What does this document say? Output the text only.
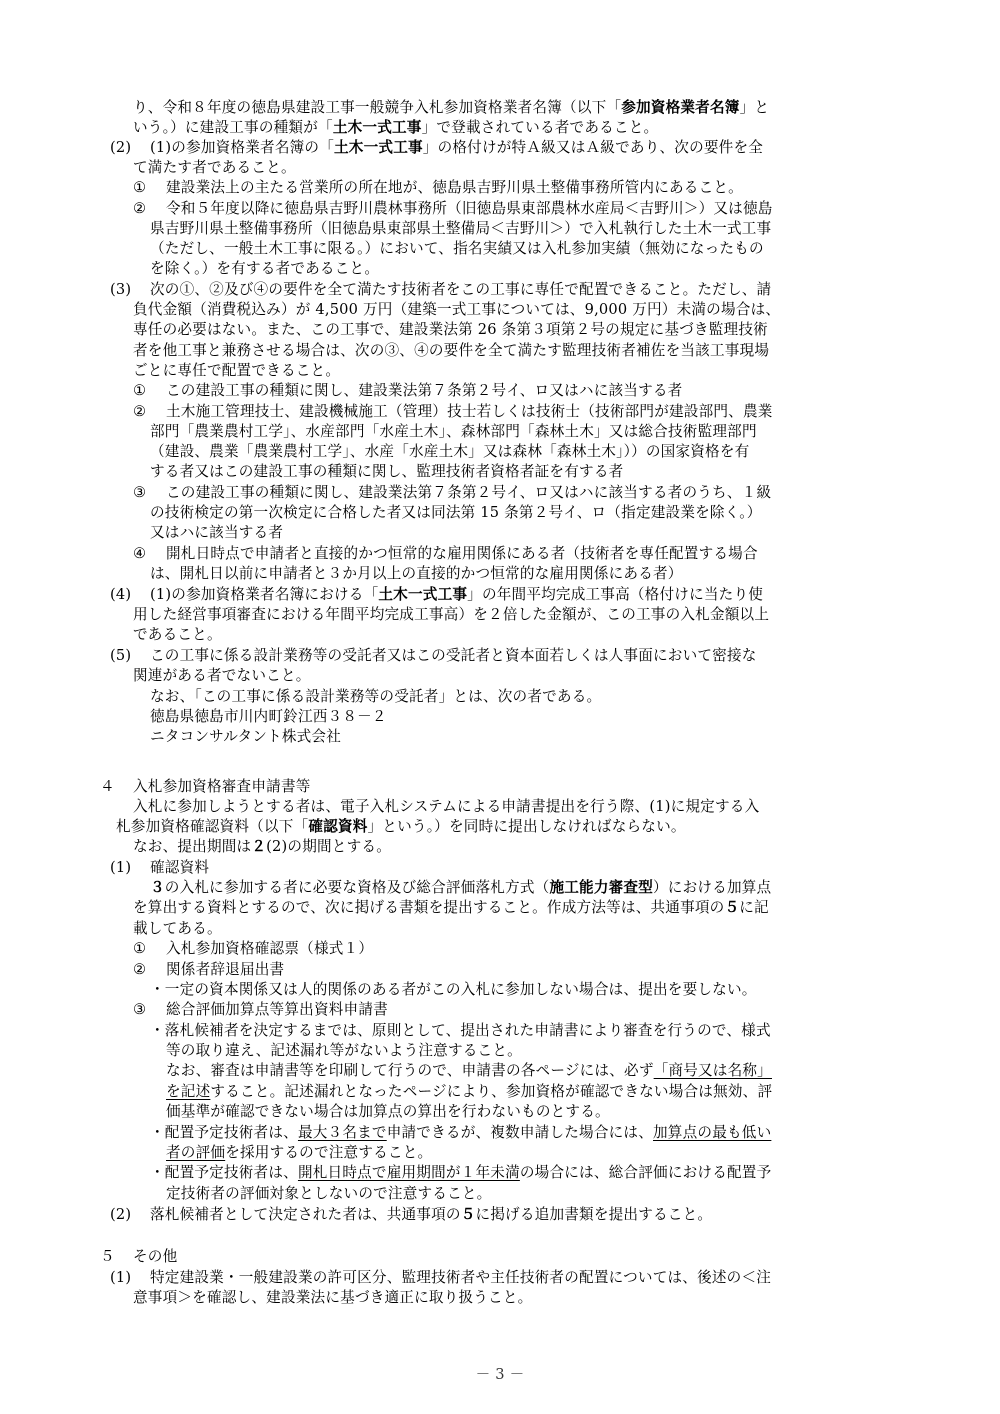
り、令和８年度の徳島県建設工事一般競争入札参加資格業者名簿（以下「参加資格業者名簿」と
いう。）に建設工事の種類が「土木一式工事」で登載されている者であること。
(2) (1)の参加資格業者名簿の「土木一式工事」の格付けが特Ａ級又はＡ級であり、次の要件を全
て満たす者であること。
① 建設業法上の主たる営業所の所在地が、徳島県吉野川県土整備事務所管内にあること。
② 令和５年度以降に徳島県吉野川農林事務所（旧徳島県東部農林水産局＜吉野川＞）又は徳島
県吉野川県土整備事務所（旧徳島県東部県土整備局＜吉野川＞）で入札執行した土木一式工事
（ただし、一般土木工事に限る。）において、指名実績又は入札参加実績（無効になったもの
を除く。）を有する者であること。
(3) 次の①、②及び④の要件を全て満たす技術者をこの工事に専任で配置できること。ただし、請
負代金額（消費税込み）が 4,500 万円（建築一式工事については、9,000 万円）未満の場合は、
専任の必要はない。また、この工事で、建設業法第 26 条第３項第２号の規定に基づき監理技術
者を他工事と兼務させる場合は、次の③、④の要件を全て満たす監理技術者補佐を当該工事現場
ごとに専任で配置できること。
① この建設工事の種類に関し、建設業法第７条第２号イ、ロ又はハに該当する者
② 土木施工管理技士、建設機械施工（管理）技士若しくは技術士（技術部門が建設部門、農業
部門「農業農村工学」、水産部門「水産土木」、森林部門「森林土木」又は総合技術監理部門
（建設、農業「農業農村工学」、水産「水産土木」又は森林「森林土木」））の国家資格を有
する者又はこの建設工事の種類に関し、監理技術者資格者証を有する者
③ この建設工事の種類に関し、建設業法第７条第２号イ、ロ又はハに該当する者のうち、１級
の技術検定の第一次検定に合格した者又は同法第 15 条第２号イ、ロ（指定建設業を除く。）
又はハに該当する者
④ 開札日時点で申請者と直接的かつ恒常的な雇用関係にある者（技術者を専任配置する場合
は、開札日以前に申請者と３か月以上の直接的かつ恒常的な雇用関係にある者）
(4) (1)の参加資格業者名簿における「土木一式工事」の年間平均完成工事高（格付けに当たり使
用した経営事項審査における年間平均完成工事高）を２倍した金額が、この工事の入札金額以上
であること。
(5) この工事に係る設計業務等の受託者又はこの受託者と資本面若しくは人事面において密接な
関連がある者でないこと。
なお、「この工事に係る設計業務等の受託者」とは、次の者である。
徳島県徳島市川内町鈴江西３８－２
ニタコンサルタント株式会社
４ 入札参加資格審査申請書等
入札に参加しようとする者は、電子入札システムによる申請書提出を行う際、(1)に規定する入
札参加資格確認資料（以下「確認資料」という。）を同時に提出しなければならない。
なお、提出期間は２(2)の期間とする。
(1) 確認資料
３の入札に参加する者に必要な資格及び総合評価落札方式（施工能力審査型）における加算点
を算出する資料とするので、次に掲げる書類を提出すること。作成方法等は、共通事項の５に記
載してある。
① 入札参加資格確認票（様式１）
② 関係者辞退届出書
・一定の資本関係又は人的関係のある者がこの入札に参加しない場合は、提出を要しない。
③ 総合評価加算点等算出資料申請書
・落札候補者を決定するまでは、原則として、提出された申請書により審査を行うので、様式
等の取り違え、記述漏れ等がないよう注意すること。
なお、審査は申請書等を印刷して行うので、申請書の各ページには、必ず「商号又は名称」
を記述すること。記述漏れとなったページにより、参加資格が確認できない場合は無効、評
価基準が確認できない場合は加算点の算出を行わないものとする。
・配置予定技術者は、最大３名まで申請できるが、複数申請した場合には、加算点の最も低い
者の評価を採用するので注意すること。
・配置予定技術者は、開札日時点で雇用期間が１年未満の場合には、総合評価における配置予
定技術者の評価対象としないので注意すること。
(2) 落札候補者として決定された者は、共通事項の５に掲げる追加書類を提出すること。
５ その他
(1) 特定建設業・一般建設業の許可区分、監理技術者や主任技術者の配置については、後述の＜注
意事項＞を確認し、建設業法に基づき適正に取り扱うこと。
－ 3 －
